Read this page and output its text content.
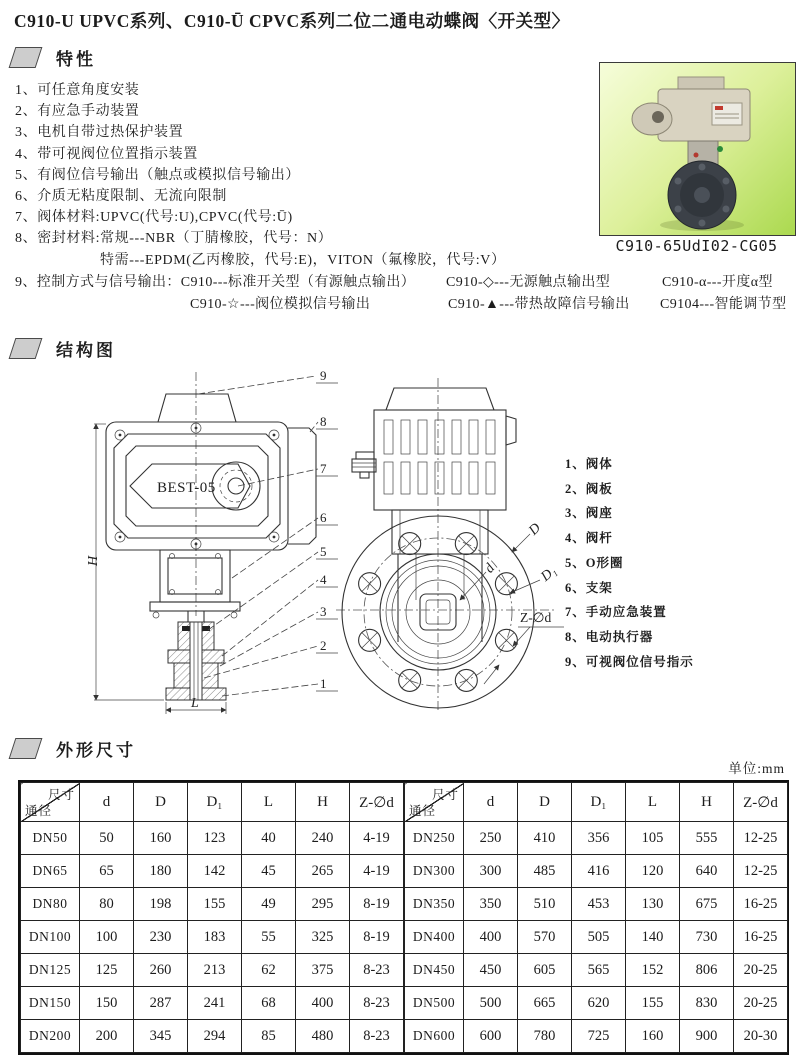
C910-U UPVC系列、C910-Ū CPVC系列二位二通电动蝶阀〈开关型〉
特性
1、可任意角度安装
2、有应急手动装置
3、电机自带过热保护装置
4、带可视阀位位置指示装置
5、有阀位信号输出（触点或模拟信号输出）
6、介质无粘度限制、无流向限制
7、阀体材料:UPVC(代号:U),CPVC(代号:Ū)
8、密封材料:常规---NBR（丁腈橡胶，代号：N）
特需---EPDM(乙丙橡胶，代号:E)，VITON（氟橡胶，代号:V）
9、控制方式与信号输出：C910---标准开关型（有源触点输出） C910-◇---无源触点输出型	C910-α---开度α型
C910-☆---阀位模拟信号输出	C910-▲---带热故障信号输出 C9104---智能调节型
C910-65UdI02-CG05
结构图
BEST-05
H
L
9
8
7
6
5
4
3
2
1
d
D
D₁
Z-∅d
1、阀体
2、阀板
3、阀座
4、阀杆
5、O形圈
6、支架
7、手动应急装置
8、电动执行器
9、可视阀位信号指示
外形尺寸
单位:mm
尺寸
通径	d	D	D₁	L	H	Z-∅d
DN50	50	160	123	40	240	4-19
DN65	65	180	142	45	265	4-19
DN80	80	198	155	49	295	8-19
DN100	100	230	183	55	325	8-19
DN125	125	260	213	62	375	8-23
DN150	150	287	241	68	400	8-23
DN200	200	345	294	85	480	8-23
尺寸
通径	d	D	D₁	L	H	Z-∅d
DN250	250	410	356	105	555	12-25
DN300	300	485	416	120	640	12-25
DN350	350	510	453	130	675	16-25
DN400	400	570	505	140	730	16-25
DN450	450	605	565	152	806	20-25
DN500	500	665	620	155	830	20-25
DN600	600	780	725	160	900	20-30
